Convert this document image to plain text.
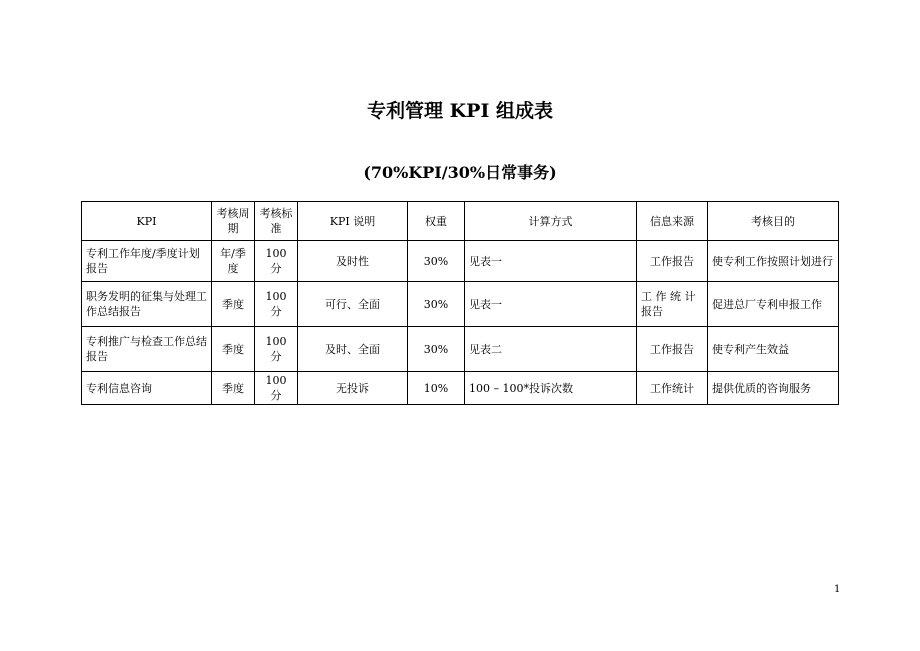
专利管理 KPI 组成表
(70%KPI/30%日常事务)
KPI	考核周期	考核标准	KPI 说明	权重	计算方式	信息来源	考核目的
专利工作年度/季度计划报告	年/季度	100 分	及时性	30%	见表一	工作报告	使专利工作按照计划进行
职务发明的征集与处理工作总结报告	季度	100 分	可行、全面	30%	见表一	工 作 统 计 报告	促进总厂专利申报工作
专利推广与检查工作总结报告	季度	100 分	及时、全面	30%	见表二	工作报告	使专利产生效益
专利信息咨询	季度	100 分	无投诉	10%	100 – 100*投诉次数	工作统计	提供优质的咨询服务
1
